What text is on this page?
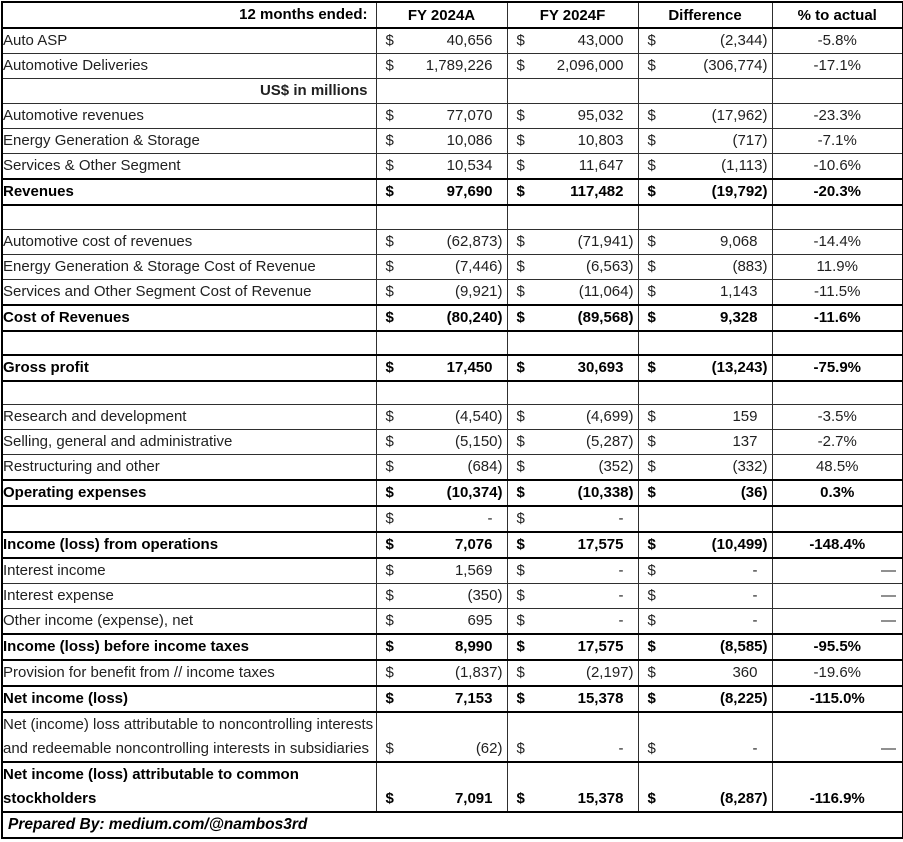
12 months ended:	FY 2024A	FY 2024F	Difference	% to actual
Auto ASP	$ 40,656	$ 43,000	$ (2,344)	-5.8%
Automotive Deliveries	$ 1,789,226	$ 2,096,000	$ (306,774)	-17.1%
US$ in millions				
Automotive revenues	$ 77,070	$ 95,032	$ (17,962)	-23.3%
Energy Generation & Storage	$ 10,086	$ 10,803	$ (717)	-7.1%
Services & Other Segment	$ 10,534	$ 11,647	$ (1,113)	-10.6%
Revenues	$ 97,690	$ 117,482	$ (19,792)	-20.3%

Automotive cost of revenues	$ (62,873)	$ (71,941)	$ 9,068	-14.4%
Energy Generation & Storage Cost of Revenue	$ (7,446)	$ (6,563)	$ (883)	11.9%
Services and Other Segment Cost of Revenue	$ (9,921)	$ (11,064)	$ 1,143	-11.5%
Cost of Revenues	$ (80,240)	$ (89,568)	$ 9,328	-11.6%

Gross profit	$ 17,450	$ 30,693	$ (13,243)	-75.9%

Research and development	$ (4,540)	$ (4,699)	$ 159	-3.5%
Selling, general and administrative	$ (5,150)	$ (5,287)	$ 137	-2.7%
Restructuring and other	$ (684)	$ (352)	$ (332)	48.5%
Operating expenses	$ (10,374)	$ (10,338)	$ (36)	0.3%

	$ -	$ -		

Income (loss) from operations	$ 7,076	$ 17,575	$ (10,499)	-148.4%
Interest income	$ 1,569	$ -	$ -	—
Interest expense	$ (350)	$ -	$ -	—
Other income (expense), net	$ 695	$ -	$ -	—
Income (loss) before income taxes	$ 8,990	$ 17,575	$ (8,585)	-95.5%
Provision for benefit from // income taxes	$ (1,837)	$ (2,197)	$ 360	-19.6%
Net income (loss)	$ 7,153	$ 15,378	$ (8,225)	-115.0%
Net (income) loss attributable to noncontrolling interests and redeemable noncontrolling interests in subsidiaries	$ (62)	$ -	$ -	—
Net income (loss) attributable to common stockholders	$ 7,091	$ 15,378	$ (8,287)	-116.9%
Prepared By: medium.com/@nambos3rd				
